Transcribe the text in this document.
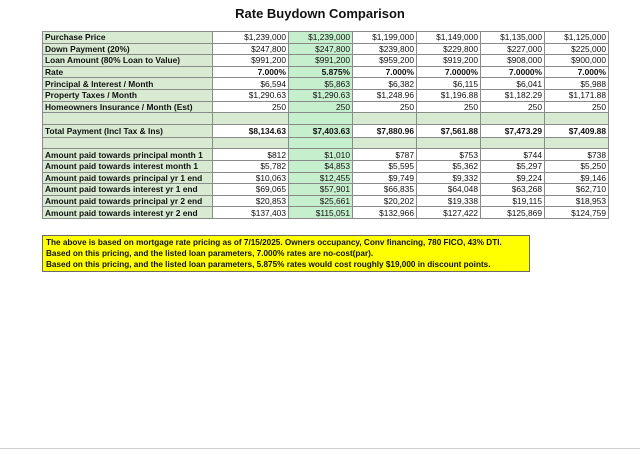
Rate Buydown Comparison
Purchase Price	$1,239,000	$1,239,000	$1,199,000	$1,149,000	$1,135,000	$1,125,000
Down Payment (20%)	$247,800	$247,800	$239,800	$229,800	$227,000	$225,000
Loan Amount (80% Loan to Value)	$991,200	$991,200	$959,200	$919,200	$908,000	$900,000
Rate	7.000%	5.875%	7.000%	7.0000%	7.0000%	7.000%
Principal & Interest / Month	$6,594	$5,863	$6,382	$6,115	$6,041	$5,988
Property Taxes / Month	$1,290.63	$1,290.63	$1,248.96	$1,196.88	$1,182.29	$1,171.88
Homeowners Insurance / Month (Est)	250	250	250	250	250	250

Total Payment (Incl Tax & Ins)	$8,134.63	$7,403.63	$7,880.96	$7,561.88	$7,473.29	$7,409.88

Amount paid towards principal month 1	$812	$1,010	$787	$753	$744	$738
Amount paid towards interest month 1	$5,782	$4,853	$5,595	$5,362	$5,297	$5,250
Amount paid towards principal yr 1 end	$10,063	$12,455	$9,749	$9,332	$9,224	$9,146
Amount paid towards interest yr 1 end	$69,065	$57,901	$66,835	$64,048	$63,268	$62,710
Amount paid towards principal yr 2 end	$20,853	$25,661	$20,202	$19,338	$19,115	$18,953
Amount paid towards interest yr 2 end	$137,403	$115,051	$132,966	$127,422	$125,869	$124,759
The above is based on mortgage rate pricing as of 7/15/2025. Owners occupancy, Conv financing, 780 FICO, 43% DTI.
Based on this pricing, and the listed loan parameters, 7.000% rates are no-cost(par).
Based on this pricing, and the listed loan parameters, 5.875% rates would cost roughly $19,000 in discount points.
